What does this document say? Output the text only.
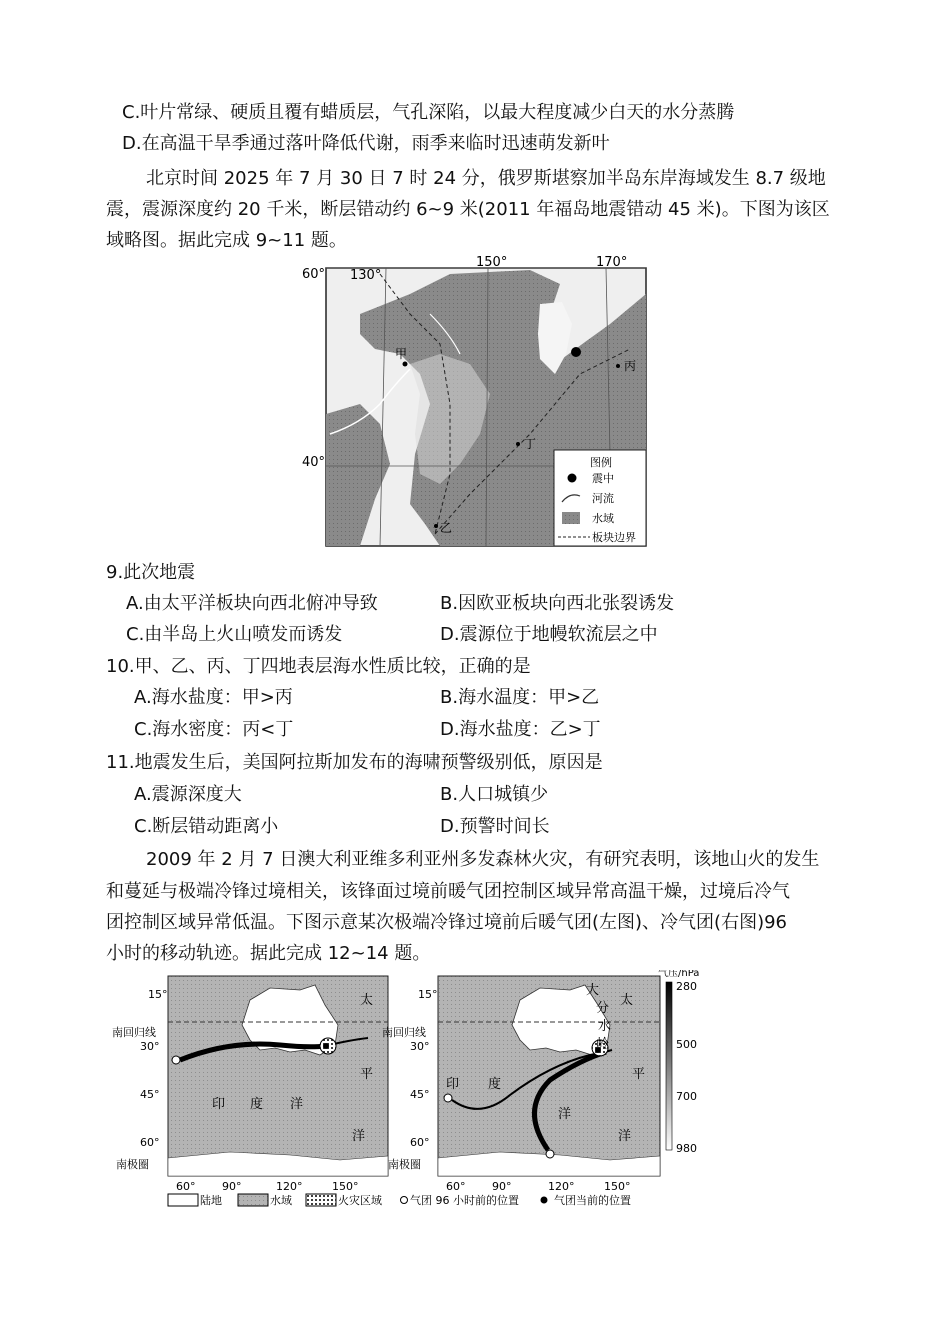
C.叶片常绿、硬质且覆有蜡质层，气孔深陷，以最大程度减少白天的水分蒸腾
D.在高温干旱季通过落叶降低代谢，雨季来临时迅速萌发新叶
北京时间 2025 年 7 月 30 日 7 时 24 分，俄罗斯堪察加半岛东岸海域发生 8.7 级地
震，震源深度约 20 千米，断层错动约 6~9 米(2011 年福岛地震错动 45 米)。下图为该区
域略图。据此完成 9~11 题。
130°
150°	170°
60°
40°
甲
乙
丙
丁
图例
震中
河流
水域
板块边界
9.此次地震
A.由太平洋板块向西北俯冲导致	B.因欧亚板块向西北张裂诱发
C.由半岛上火山喷发而诱发	D.震源位于地幔软流层之中
10.甲、乙、丙、丁四地表层海水性质比较，正确的是
A.海水盐度：甲>丙	B.海水温度：甲>乙
C.海水密度：丙<丁	D.海水盐度：乙>丁
11.地震发生后，美国阿拉斯加发布的海啸预警级别低，原因是
A.震源深度大	B.人口城镇少
C.断层错动距离小	D.预警时间长
2009 年 2 月 7 日澳大利亚维多利亚州多发森林火灾，有研究表明，该地山火的发生
和蔓延与极端冷锋过境相关，该锋面过境前暖气团控制区域异常高温干燥，过境后冷气
团控制区域异常低温。下图示意某次极端冷锋过境前后暖气团(左图)、冷气团(右图)96
小时的移动轨迹。据此完成 12~14 题。
15°
南回归线
30°
45°
60°
南极圈
60° 90°	120°	150°
印 度 洋
太
平
洋
15°
南回归线
30°
45°
60°
南极圈
60° 90°	120°	150°
印 度
洋
太
平
洋
大
分
水
岭
气压/hPa
280
500
700
980
陆地	水域	火灾区域	气团 96 小时前的位置	气团当前的位置
